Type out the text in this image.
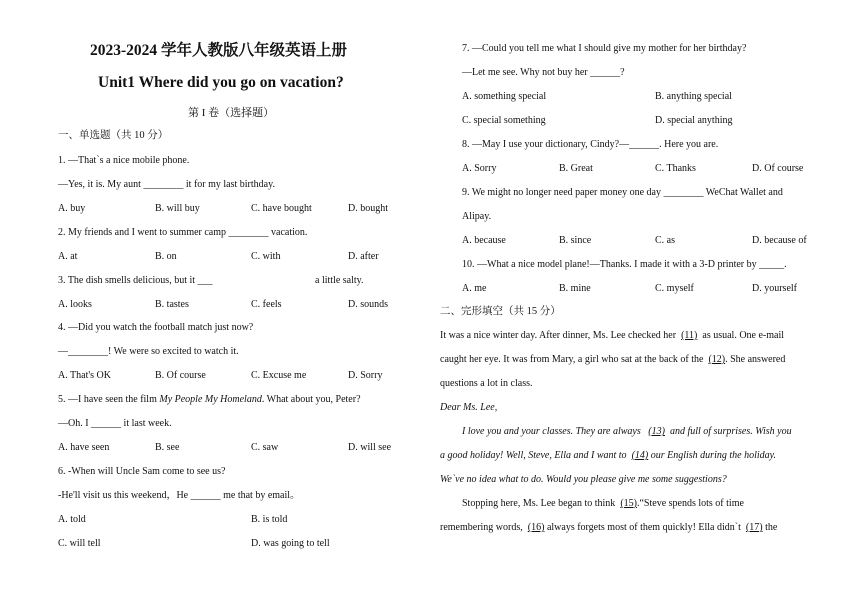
2023-2024 学年人教版八年级英语上册
Unit1 Where did you go on vacation?
第 I 卷（选择题）
一、单选题（共 10 分）
1. —That`s a nice mobile phone.
—Yes, it is. My aunt ________ it for my last birthday.
A. buy	B. will buy	C. have bought	D. bought
2. My friends and I went to summer camp ________ vacation.
A. at	B. on	C. with	D. after
3. The dish smells delicious, but it ___	a little salty.
A. looks	B. tastes	C. feels	D. sounds
4. —Did you watch the football match just now?
—________! We were so excited to watch it.
A. That's OK	B. Of course	C. Excuse me	D. Sorry
5. —I have seen the film My People My Homeland. What about you, Peter?
—Oh. I ______ it last week.
A. have seen	B. see	C. saw	D. will see
6. -When will Uncle Sam come to see us?
-He'll visit us this weekend，He ______ me that by email。
A. told	B. is told
C. will tell	D. was going to tell
7. —Could you tell me what I should give my mother for her birthday?
—Let me see. Why not buy her ______?
A. something special	B. anything special
C. special something	D. special anything
8. —May I use your dictionary, Cindy?—______. Here you are.
A. Sorry	B. Great	C. Thanks	D. Of course
9. We might no longer need paper money one day ________ WeChat Wallet and
Alipay.
A. because	B. since	C. as	D. because of
10. —What a nice model plane!—Thanks. I made it with a 3-D printer by _____.
A. me	B. mine	C. myself	D. yourself
二、完形填空（共 15 分）
It was a nice winter day. After dinner, Ms. Lee checked her (11) as usual. One e-mail
caught her eye. It was from Mary, a girl who sat at the back of the (12). She answered
questions a lot in class.
Dear Ms. Lee,
I love you and your classes. They are always (13) and full of surprises. Wish you
a good holiday! Well, Steve, Ella and I want to (14) our English during the holiday.
We`ve no idea what to do. Would you please give me some suggestions?
Stopping here, Ms. Lee began to think (15).“Steve spends lots of time
remembering words, (16) always forgets most of them quickly! Ella didn`t (17) the
